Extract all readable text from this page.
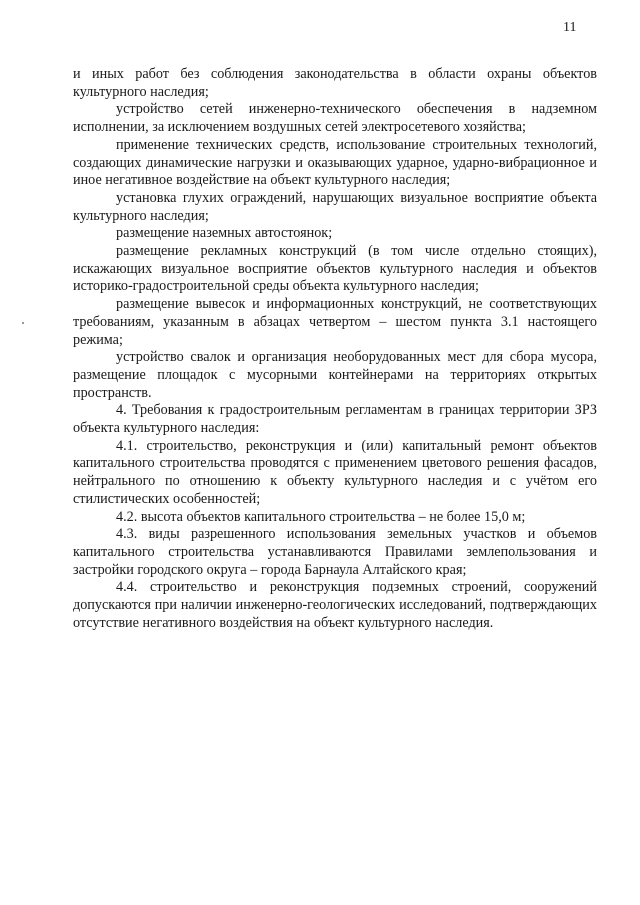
11

и иных работ без соблюдения законодательства в области охраны объектов культурного наследия;

устройство сетей инженерно-технического обеспечения в надземном исполнении, за исключением воздушных сетей электросетевого хозяйства;

применение технических средств, использование строительных технологий, создающих динамические нагрузки и оказывающих ударное, ударно-вибрационное и иное негативное воздействие на объект культурного наследия;

установка глухих ограждений, нарушающих визуальное восприятие объекта культурного наследия;

размещение наземных автостоянок;

размещение рекламных конструкций (в том числе отдельно стоящих), искажающих визуальное восприятие объектов культурного наследия и объектов историко-градостроительной среды объекта культурного наследия;

размещение вывесок и информационных конструкций, не соответствующих требованиям, указанным в абзацах четвертом – шестом пункта 3.1 настоящего режима;

устройство свалок и организация необорудованных мест для сбора мусора, размещение площадок с мусорными контейнерами на территориях открытых пространств.

4. Требования к градостроительным регламентам в границах территории ЗРЗ объекта культурного наследия:

4.1. строительство, реконструкция и (или) капитальный ремонт объектов капитального строительства проводятся с применением цветового решения фасадов, нейтрального по отношению к объекту культурного наследия и с учётом его стилистических особенностей;

4.2. высота объектов капитального строительства – не более 15,0 м;

4.3. виды разрешенного использования земельных участков и объемов капитального строительства устанавливаются Правилами землепользования и застройки городского округа – города Барнаула Алтайского края;

4.4. строительство и реконструкция подземных строений, сооружений допускаются при наличии инженерно-геологических исследований, подтверждающих отсутствие негативного воздействия на объект культурного наследия.
